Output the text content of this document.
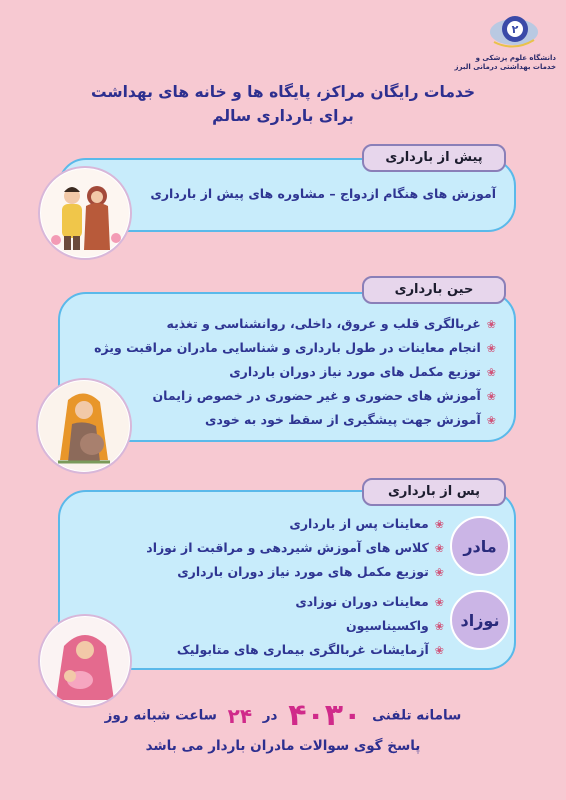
۲
دانشگاه علوم پزشکی و
خدمات بهداشتی درمانی البرز
خدمات رایگان مراکز، پایگاه ها و خانه های بهداشت
برای بارداری سالم
پیش از بارداری
آموزش های هنگام ازدواج – مشاوره های پیش از بارداری
حین بارداری
❀غربالگری قلب و عروق، داخلی، روانشناسی و تغذیه
❀انجام معاینات در طول بارداری و شناسایی مادران مراقبت ویژه
❀توزیع مکمل های مورد نیاز دوران بارداری
❀آموزش های حضوری و غیر حضوری در خصوص زایمان
❀آموزش جهت پیشگیری از سقط خود به خودی
پس از بارداری
مادر
❀معاینات پس از بارداری
❀کلاس های آموزش شیردهی و مراقبت از نوزاد
❀توزیع مکمل های مورد نیاز دوران بارداری
نوزاد
❀معاینات دوران نوزادی
❀واکسیناسیون
❀آزمایشات غربالگری بیماری های متابولیک
سامانه تلفنی ۴۰۳۰ در ۲۴ ساعت شبانه روز
پاسخ گوی سوالات مادران باردار می باشد
